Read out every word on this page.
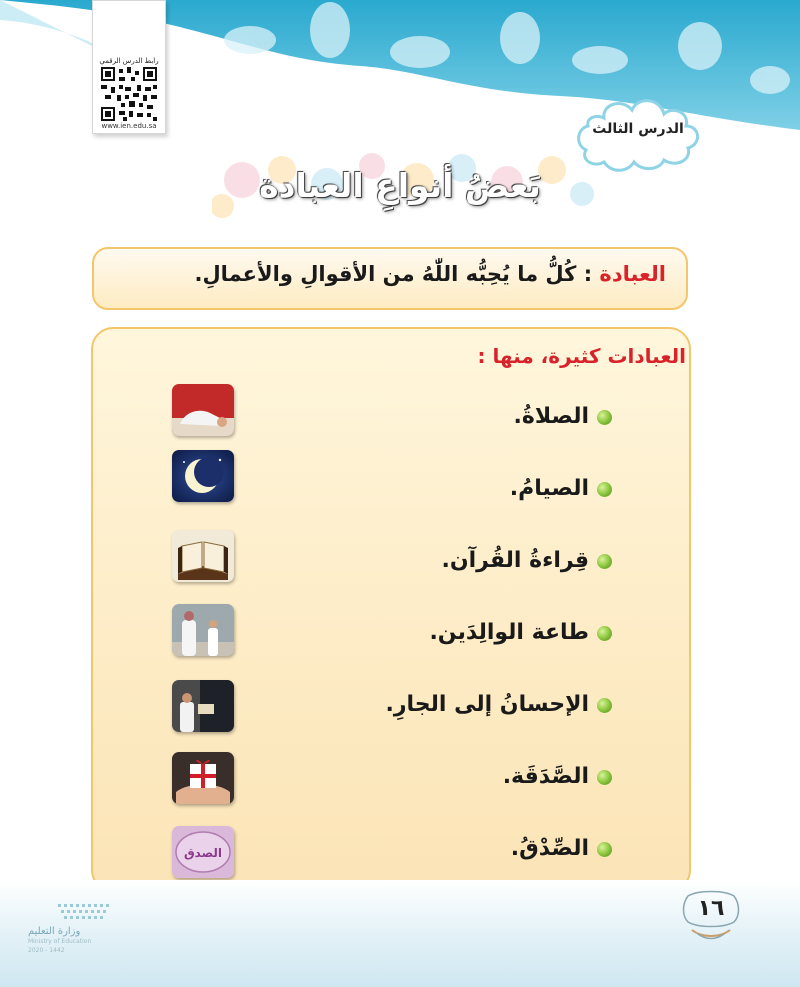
رابط الدرس الرقمي
www.ien.edu.sa	الدرس الثالث
بَعضُ أنواعِ العبادة
العبادة : كُلُّ ما يُحِبُّه اللّٰهُ من الأقوالِ والأعمالِ.
العبادات كثيرة، منها :
الصلاةُ.
الصيامُ.
قِراءةُ القُرآن.
طاعة الوالِدَين.
الإحسانُ إلى الجارِ.
الصَّدَقَة.
الصِّدْقُ.
الصدق
وزارة التعليم
Ministry of Education
2020 - 1442
١٦
